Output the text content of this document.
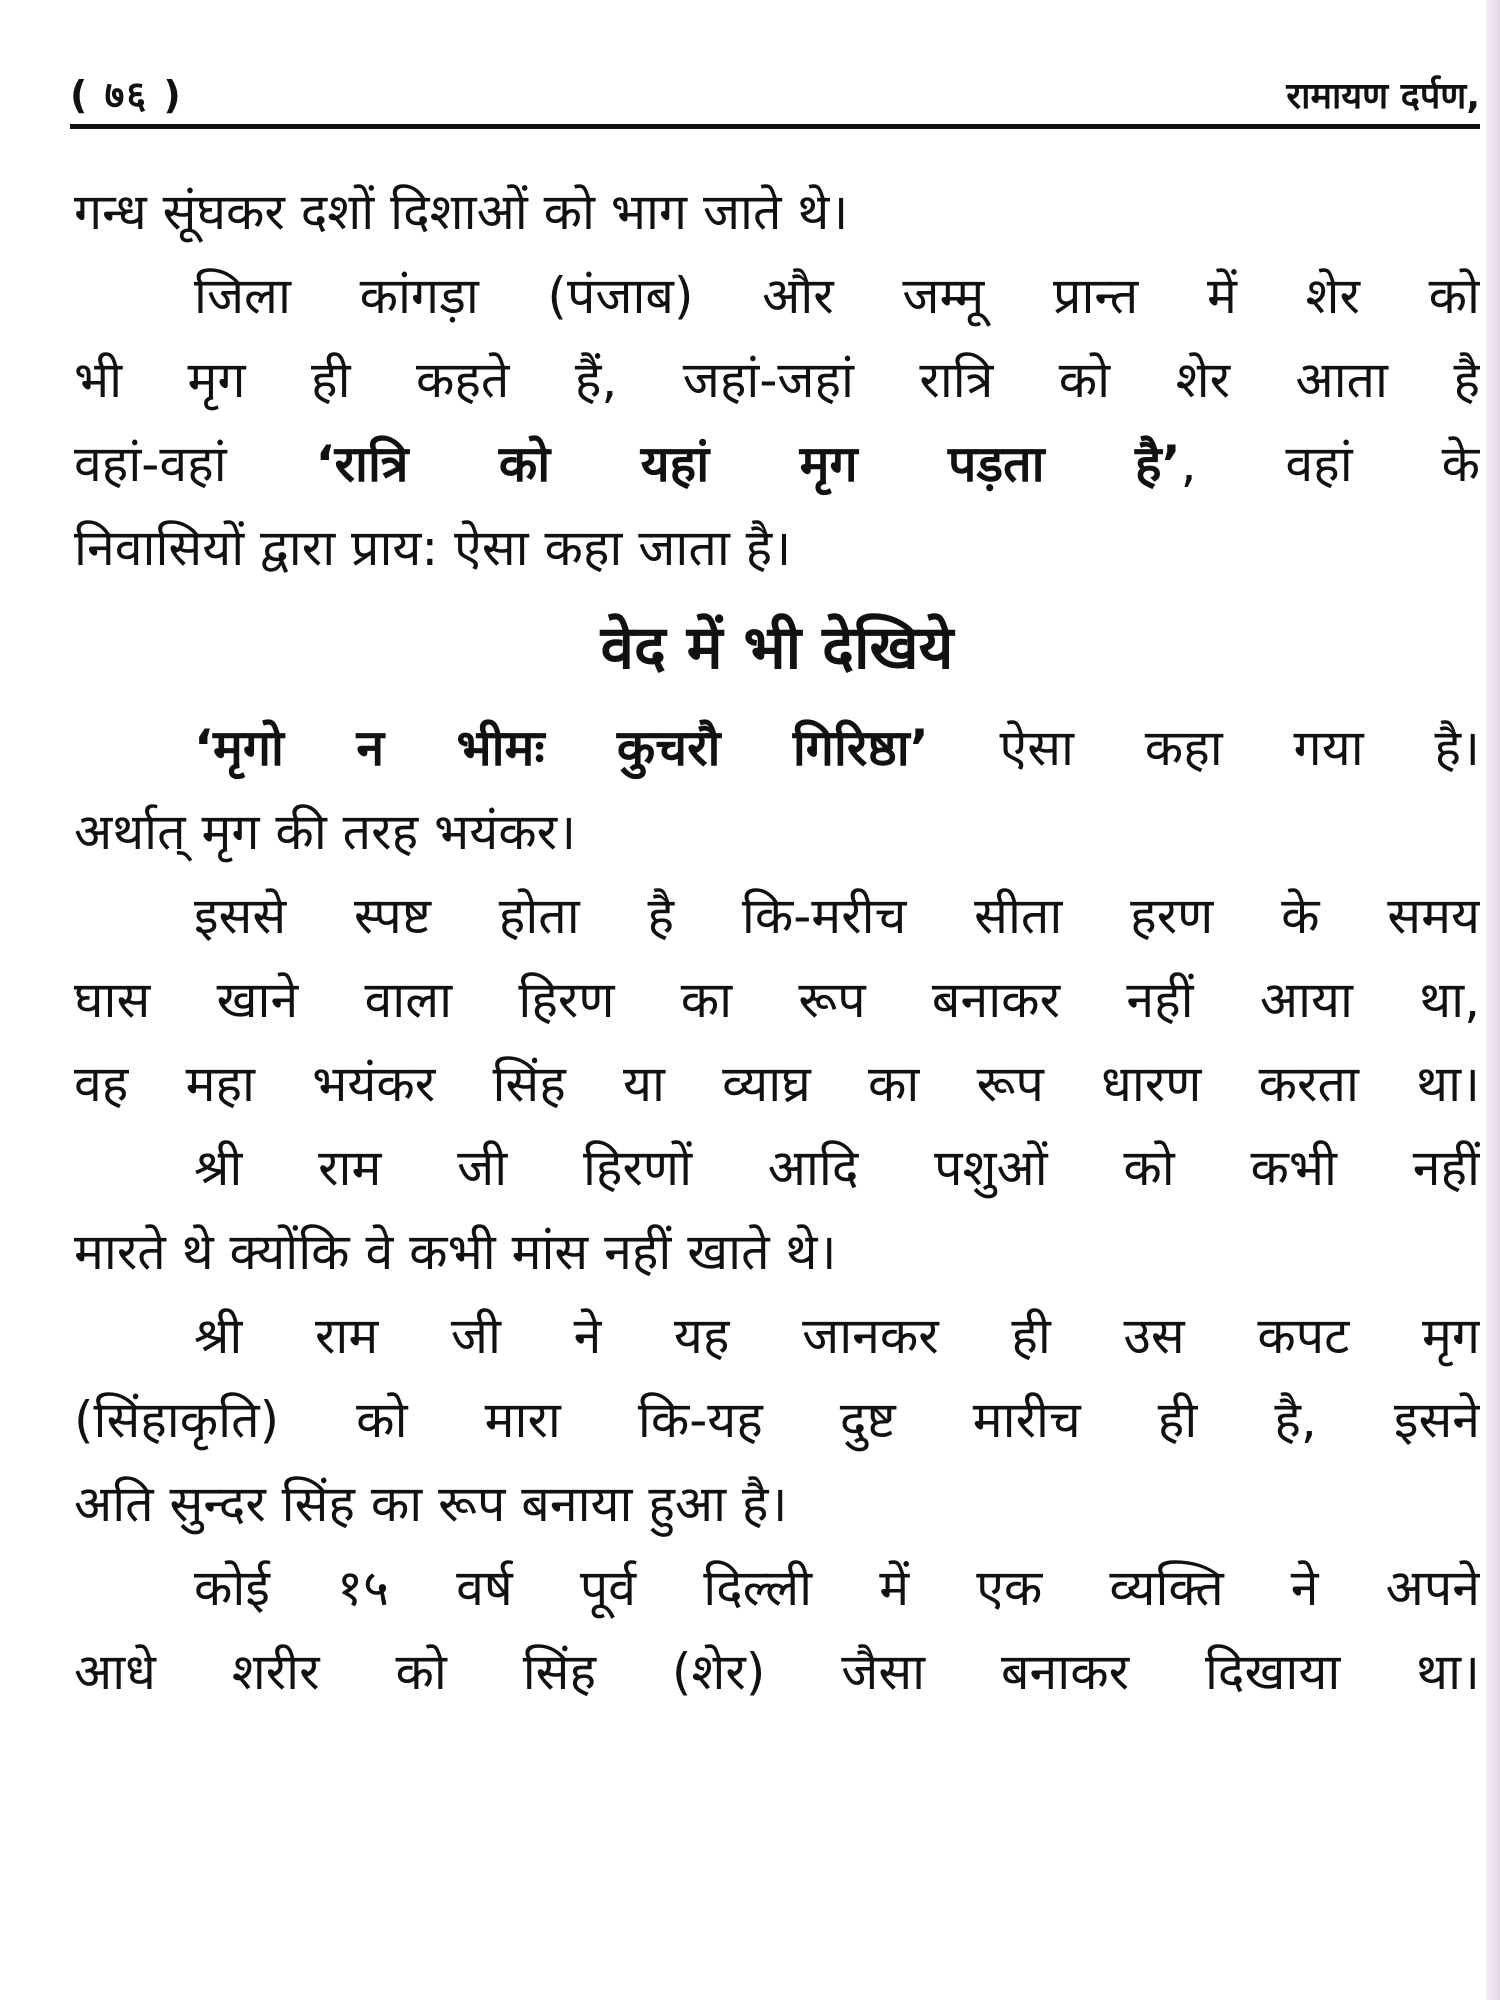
( ७६ )	रामायण दर्पण,
गन्ध सूंघकर दशों दिशाओं को भाग जाते थे।
जिला कांगड़ा (पंजाब) और जम्मू प्रान्त में शेर को
भी मृग ही कहते हैं, जहां-जहां रात्रि को शेर आता है
वहां-वहां ‘रात्रि को यहां मृग पड़ता है’, वहां के
निवासियों द्वारा प्राय: ऐसा कहा जाता है।
वेद में भी देखिये
‘मृगो न भीमः कुचरौ गिरिष्ठा’ ऐसा कहा गया है।
अर्थात् मृग की तरह भयंकर।
इससे स्पष्ट होता है कि-मरीच सीता हरण के समय
घास खाने वाला हिरण का रूप बनाकर नहीं आया था,
वह महा भयंकर सिंह या व्याघ्र का रूप धारण करता था।
श्री राम जी हिरणों आदि पशुओं को कभी नहीं
मारते थे क्योंकि वे कभी मांस नहीं खाते थे।
श्री राम जी ने यह जानकर ही उस कपट मृग
(सिंहाकृति) को मारा कि-यह दुष्ट मारीच ही है, इसने
अति सुन्दर सिंह का रूप बनाया हुआ है।
कोई १५ वर्ष पूर्व दिल्ली में एक व्यक्ति ने अपने
आधे शरीर को सिंह (शेर) जैसा बनाकर दिखाया था।
